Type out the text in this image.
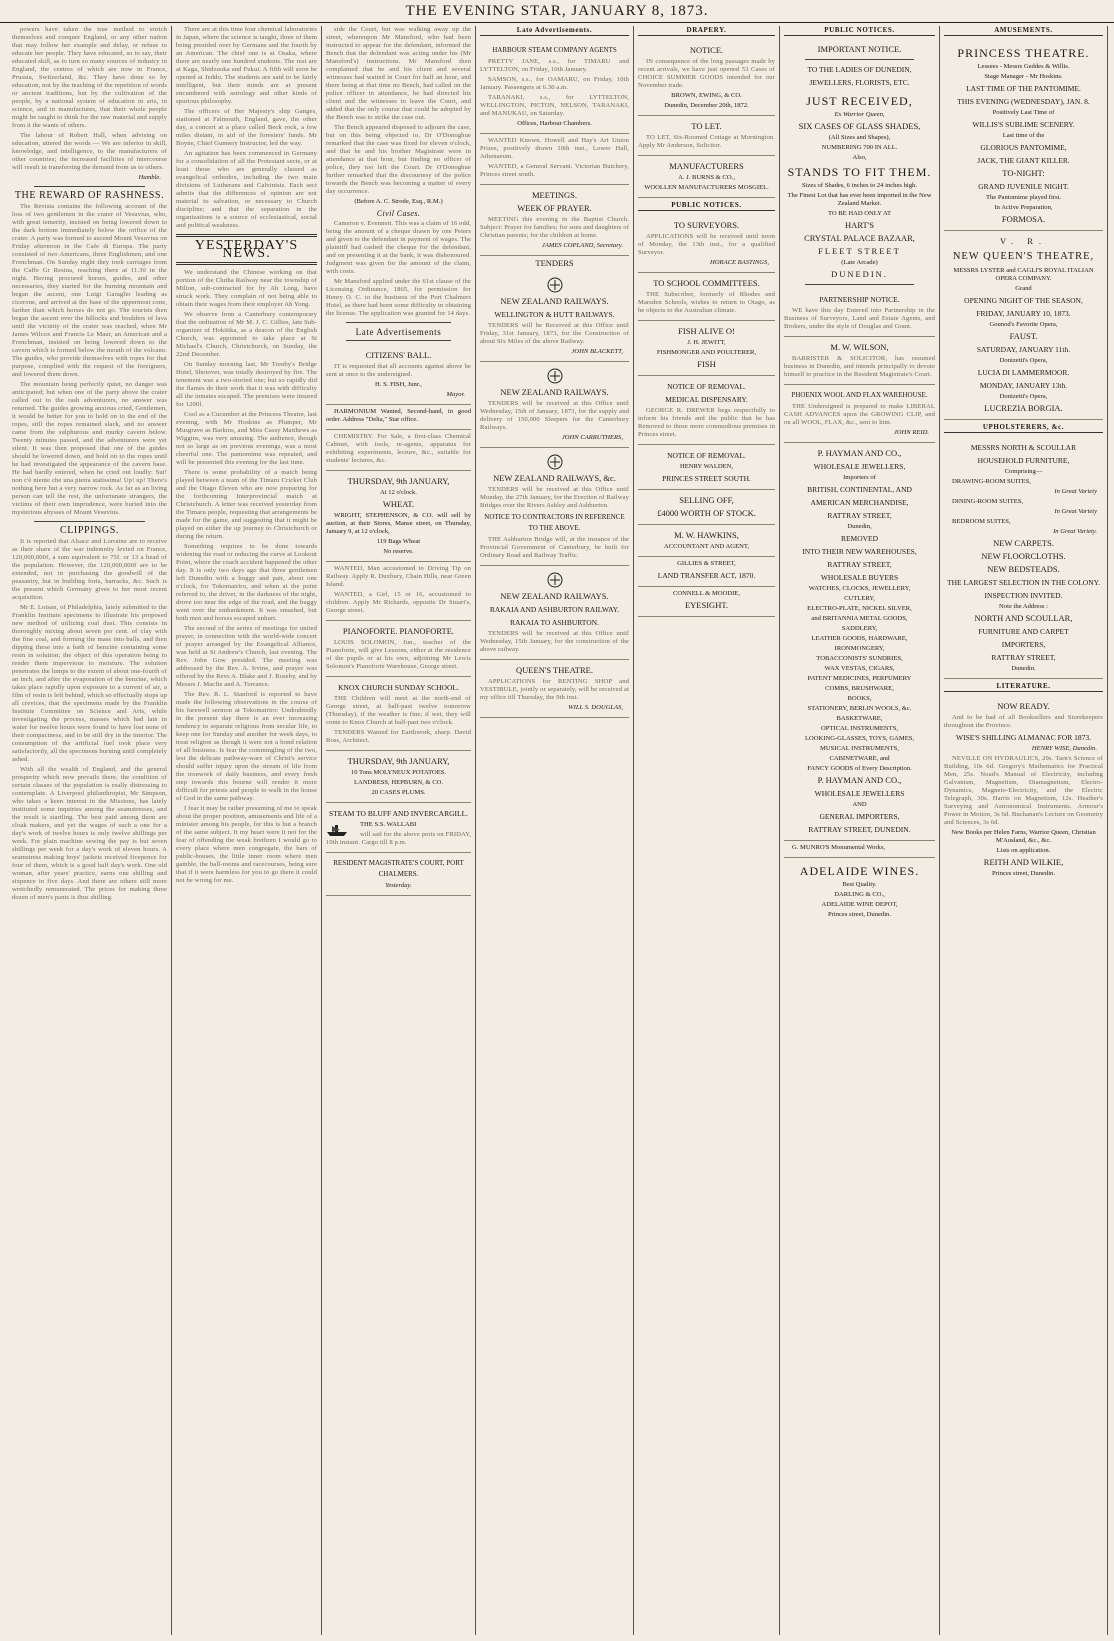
THE EVENING STAR, JANUARY 8, 1873.

powers have taken the true method to enrich themselves and conquer England, or any other nation that may follow her example and delay, or refuse to educate her people. They have educated, so to say, their educated skill, as to turn so many sources of industry in England, the centres of which are now in France, Prussia, Switzerland, &c. They have done so by education, not by the teaching of the repetition of words or ancient traditions, but by the cultivation of the people, by a national system of education in arts, in science, and in manufactures, that their whole people might be taught to think for the raw material and supply from it the wants of others.

The labour of Robert Hall, when advising on education, uttered the words — We are inferior in skill, knowledge, and intelligence, to the manufacturers of other countries; the increased facilities of intercourse will result in transferring the demand from us to others.

Humble.

THE REWARD OF RASHNESS.

The Revista contains the following account of the loss of two gentlemen in the crater of Vesuvius, who, with great temerity, insisted on being lowered down to the dark bottom immediately below the orifice of the crater. A party was formed to ascend Mount Vesuvius on Friday afternoon in the Cafe di Europa. The party consisted of two Americans, three Englishmen, and one Frenchman. On Sunday night they took carriages from the Caffe Gr Resina, reaching there at 11.30 in the night. Having procured horses, guides, and other necessaries, they started for the burning mountain and began the ascent, one Luigi Garaglio leading as cicerone, and arrived at the base of the uppermost cone, farther than which horses do not go. The tourists then began the ascent over the hillocks and boulders of lava until the vicinity of the crater was reached, when Mr James Wilcox and Francis Le Maur, an American and a Frenchman, insisted on being lowered down to the cavern which is formed below the mouth of the volcano. The guides, who provide themselves with ropes for that purpose, complied with the request of the foreigners, and lowered them down.

The mountain being perfectly quiet, no danger was anticipated; but when one of the party above the crater called out to the rash adventurers, no answer was returned. The guides growing anxious cried, Gentlemen, it would be better for you to hold on to the end of the ropes, still the ropes remained slack, and no answer came from the sulphurous and murky cavern below. Twenty minutes passed, and the adventurers were yet silent. It was then proposed that one of the guides should be lowered down, and hold on to the ropes until he had investigated the appearance of the cavern base. He had hardly entered, when he cried out loudly: Sui! non c'è niente che una pietra statissima! Up! up! There's nothing here but a very narrow rock. As far as an living person can tell the rest, the unfortunate strangers, the victims of their own imprudence, were buried into the mysterious abysses of Mount Vesuvius.

CLIPPINGS.

It is reported that Alsace and Lorraine are to receive as their share of the war indemnity levied on France, 120,000,000f, a sum equivalent to 75f. or 13 a head of the population. However, the 120,000,000f are to be extended, not in purchasing the goodwill of the peasantry, but in building forts, barracks, &c. Such is the present which Germany gives to her most recent acquisition.

Mr E. Loisan, of Philadelphia, lately submitted to the Franklin Institute specimens to illustrate his proposed new method of utilizing coal dust. This consists in thoroughly mixing about seven per cent. of clay with the fine coal, and forming the mass into balls, and then dipping these into a bath of benzine containing some resin in solution; the object of this operation being to render them impervious to moisture. The solution penetrates the lumps to the extent of about one-fourth of an inch, and after the evaporation of the benzine, which takes place rapidly upon exposure to a current of air, a film of resin is left behind, which so effectually stops up all crevices, that the specimens made by the Franklin Institute Committee on Science and Arts, while investigating the process, masses which had lain in water for twelve hours were found to have lost none of their compactness, and to be still dry in the interior. The consumption of the artificial fuel took place very satisfactorily, all the specimens burning until completely ashed.

With all the wealth of England, and the general prosperity which now prevails there, the condition of certain classes of the population is really distressing to contemplate. A Liverpool philanthropist, Mr Simpson, who takes a keen interest in the Missions, has lately instituted some inquiries among the seamstresses, and the result is startling. The best paid among them are cloak makers, and yet the wages of such a one for a day's work of twelve hours is only twelve shillings per week. For plain machine sewing the pay is but seven shillings per week for a day's work of eleven hours. A seamstress making boys' jackets received fivepence for four of them, which is a good half day's work. One old woman, after years' practice, earns one shilling and sixpence in five days. And there are others still more wretchedly remunerated. The prices for making three dozen of men's pants is thus shilling.

There are at this time four chemical laboratories in Japan, where the science is taught, three of them being presided over by Germans and the fourth by an American. The chief one is at Osaka, where there are nearly one hundred students. The rest are at Kaga, Shidzuoka and Fukui. A fifth will soon be opened at Jeddo. The students are said to be fairly intelligent, but their minds are at present encumbered with astrology and other kinds of spurious philosophy.

The officers of Her Majesty's ship Ganges, stationed at Falmouth, England, gave, the other day, a concert at a place called Beck rock, a few miles distant, in aid of the foresters' funds. Mr Boyne, Chief Gunnery Instructor, led the way.

An agitation has been commenced in Germany for a consolidation of all the Protestant sects, or at least those who are generally classed as evangelical orthodox, including the two main divisions of Lutherans and Calvinists. Each sect admits that the differences of opinion are not material to salvation, or necessary to Church discipline; and that the separation in the organizations is a source of ecclesiastical, social and political weakness.

YESTERDAY'S NEWS.

We understand the Chinese working on that portion of the Clutha Railway near the township of Milton, sub-contracted for by Ah Long, have struck work. They complain of not being able to obtain their wages from their employer Ah Yong.

We observe from a Canterbury contemporary that the ordination of Mr M. J. C. Gillies, late Sub-organizer of Hokitika, as a deacon of the English Church, was appointed to take place at St Michael's Church, Christchurch, on Sunday, the 22nd December.

On Sunday morning last, Mr Trenby's Bridge Hotel, Shotover, was totally destroyed by fire. The tenement was a two-storied one; but so rapidly did the flames do their work that it was with difficulty all the inmates escaped. The premises were insured for 1200l.

Cool as a Cucumber at the Princess Theatre, last evening, with Mr Hoskins as Plumper, Mr Musgrave as Barkins, and Miss Cassy Matthews as Wiggins, was very amusing. The audience, though not so large as on previous evenings, was a most cheerful one. The pantomime was repeated, and will be presented this evening for the last time.

There is some probability of a match being played between a team of the Timaru Cricket Club and the Otago Eleven who are now preparing for the forthcoming Interprovincial match at Christchurch. A letter was received yesterday from the Timaru people, requesting that arrangements be made for the game, and suggesting that it might be played on either the up journey to Christchurch or during the return.

Something requires to be done towards widening the road or reducing the curve at Lookout Point, where the coach accident happened the other day. It is only two days ago that three gentlemen left Dunedin with a buggy and pair, about one o'clock, for Tokomairiro, and when at the point referred to, the driver, in the darkness of the night, drove too near the edge of the road, and the buggy went over the embankment. It was smashed, but both men and horses escaped unhurt.

The second of the series of meetings for united prayer, in connection with the world-wide concert of prayer arranged by the Evangelical Alliance, was held at St Andrew's Church, last evening. The Rev. John Gow presided. The meeting was addressed by the Rev. A. Irvine, and prayer was offered by the Revs A. Blake and J. Roseby, and by Messrs J. Macfie and A. Torrance.

The Rev. R. L. Stanford is reported to have made the following observations in the course of his farewell sermon at Tokomairiro: Undoubtedly in the present day there is an ever increasing tendency to separate religious from secular life, to keep one for Sunday and another for week days, to treat religion as though it were not a bond relation of all business. Is fear the commingling of the two, lest the delicate pathway-ware of Christ's service should suffer injury upon the stream of life from the ironwork of daily business, and every fresh step towards this bourne will render it more difficult for priests and people to walk in the house of God in the same pathway.

I fear it may be rather presuming of me to speak about the proper position, amusements and life of a minister among his people, for this is but a branch of the same subject. It my heart were it not for the fear of offending the weak brethren I would go to every place where men congregate, the bars of public-houses, the little inner room where men gamble, the ball-rooms and racecourses, being sure that if it were harmless for you to go there it could not be wrong for me.

side the Court, but was walking away up the street, whereupon Mr Mansford, who had been instructed to appear for the defendant, informed the Bench that the defendant was acting under his (Mr Mansford's) instructions. Mr Mansford then complained that he and his client and several witnesses had waited in Court for half an hour, and there being at that time no Bench, had called on the police officer in attendance, he had directed his client and the witnesses to leave the Court, and added that the only course that could be adopted by the Bench was to strike the case out.

The Bench appeared disposed to adjourn the case, but on this being objected to, Dr O'Donoghue remarked that the case was fixed for eleven o'clock, and that he and his brother Magistrate were in attendance at that hour, but finding no officer of police, they too left the Court. Dr O'Donoghue further remarked that the discourtesy of the police towards the Bench was becoming a matter of every day occurrence.

(Before A. C. Strode, Esq., R.M.)

Civil Cases.

Cameron v. Evennett. This was a claim of 16 odd, being the amount of a cheque drawn by one Peters and given to the defendant in payment of wages. The plaintiff had cashed the cheque for the defendant, and on presenting it at the bank, it was dishonoured. Judgment was given for the amount of the claim, with costs.

Mr Mansford applied under the 61st clause of the Licensing Ordinance, 1865, for permission for Henry O. C. to the business of the Port Chalmers Hotel, as there had been some difficulty in obtaining the license. The application was granted for 14 days.

Late Advertisements
CITIZENS' BALL.

IT is requested that all accounts against above be sent at once to the undersigned.

H. S. FISH, Junr.,

Mayor.

HARMONIUM Wanted, Second-hand, in good order. Address "Delta," Star office.

CHEMISTRY. For Sale, a first-class Chemical Cabinet, with tools, re-agents, apparatus for exhibiting experiments, lecture, &c., suitable for students' lectures, &c.

THURSDAY, 9th JANUARY,

At 12 o'clock.

WHEAT.

WRIGHT, STEPHENSON, & CO. will sell by auction, at their Stores, Manse street, on Thursday, January 9, at 12 o'clock,

119 Bags Wheat

No reserve.

WANTED, Man accustomed to Driving Tip on Railway. Apply R. Duxbury, Chain Hills, near Green Island.

WANTED, a Girl, 15 or 16, accustomed to children. Apply Mr Richards, opposite Dr Stuart's, George street.

PIANOFORTE. PIANOFORTE.

LOUIS SOLOMON, Jun., teacher of the Pianoforte, will give Lessons, either at the residence of the pupils or at his own, adjoining Mr Lewis Solomon's Pianoforte Warehouse, George street.

KNOX CHURCH SUNDAY SCHOOL.

THE Children will meet at the north-end of George street, at half-past twelve tomorrow (Thursday), if the weather is fine; if wet, they will come to Knox Church at half-past two o'clock.

TENDERS Wanted for Earthwork, sharp. David Ross, Architect.

THURSDAY, 9th JANUARY,

10 Tons MOLYNEUX POTATOES.

LANDRESS, HEPBURN, & CO.

20 CASES PLUMS.

STEAM TO BLUFF AND INVERCARGILL.

THE S.S. WALLABI

will sail for the above ports on FRIDAY, 10th instant. Cargo till 8 p.m.

RESIDENT MAGISTRATE'S COURT, PORT CHALMERS.

Yesterday.

Late Advertisements.
HARBOUR STEAM COMPANY AGENTS

PRETTY JANE, s.s., for TIMARU and LYTTELTON, on Friday, 10th January.

SAMSON, s.s., for OAMARU, on Friday, 10th January. Passengers at 6.30 a.m.

TARANAKI, s.s., for LYTTELTON, WELLINGTON, PICTON, NELSON, TARANAKI, and MANUKAU, on Saturday.

Offices, Harbour Chambers.

WANTED Known. Howell and Hay's Art Union Prizes, positively drawn 10th inst., Lower Hall, Athenaeum.

WANTED, a General Servant. Victorian Butchery, Princes street south.

MEETINGS.
WEEK OF PRAYER.

MEETING this evening in the Baptist Church. Subject: Prayer for families; for sons and daughters of Christian parents; for the children at home.

JAMES COPLAND, Secretary.

TENDERS
NEW ZEALAND RAILWAYS.
WELLINGTON & HUTT RAILWAYS.

TENDERS will be Received at this Office until Friday, 31st January, 1873, for the Construction of about Six Miles of the above Railway.

JOHN BLACKETT,

NEW ZEALAND RAILWAYS.

TENDERS will be received at this Office until Wednesday, 15th of January, 1873, for the supply and delivery of 150,000 Sleepers for the Canterbury Railways.

JOHN CARRUTHERS,

NEW ZEALAND RAILWAYS, &c.

TENDERS will be received at this Office until Monday, the 27th January, for the Erection of Railway Bridges over the Rivers Ashley and Ashburton.

NOTICE TO CONTRACTORS IN REFERENCE TO THE ABOVE.

THE Ashburton Bridge will, at the instance of the Provincial Government of Canterbury, be built for Ordinary Road and Railway Traffic.

NEW ZEALAND RAILWAYS.
RAKAIA AND ASHBURTON RAILWAY.
RAKAIA TO ASHBURTON.

TENDERS will be received at this Office until Wednesday, 15th January, for the construction of the above railway.

QUEEN'S THEATRE.

APPLICATIONS for RENTING SHOP and VESTIBULE, jointly or separately, will be received at my office till Thursday, the 9th inst.

WILL S. DOUGLAS,

DRAPERY.
NOTICE.

IN consequence of the long passages made by recent arrivals, we have just opened 53 Cases of CHOICE SUMMER GOODS intended for our November trade.

BROWN, EWING, & CO.

Dunedin, December 20th, 1872.

TO LET.

TO LET, Six-Roomed Cottage at Mornington. Apply Mr Anderson, Solicitor.

MANUFACTURERS

A. J. BURNS & CO.,

WOOLLEN MANUFACTURERS MOSGIEL.

PUBLIC NOTICES.
TO SURVEYORS.

APPLICATIONS will be received until noon of Monday, the 13th inst., for a qualified Surveyor.

HORACE BASTINGS,

TO SCHOOL COMMITTEES.

THE Subscriber, formerly of Rhodes and Marsden Schools, wishes to return to Otago, as he objects to the Australian climate.

FISH ALIVE O!

J. H. JEWITT,

FISHMONGER AND POULTERER,

FISH
NOTICE OF REMOVAL.
MEDICAL DISPENSARY.

GEORGE R. DREWER begs respectfully to inform his friends and the public that he has Removed to those more commodious premises in Princes street.

NOTICE OF REMOVAL.

HENRY WALDEN,

PRINCES STREET SOUTH.
SELLING OFF,
£4000 WORTH OF STOCK.
M. W. HAWKINS,

ACCOUNTANT AND AGENT,

GILLIES & STREET,

LAND TRANSFER ACT, 1870.

CONNELL & MOODIE,

EYESIGHT.
PUBLIC NOTICES.
IMPORTANT NOTICE.
TO THE LADIES OF DUNEDIN,
JEWELLERS, FLORISTS, ETC.
JUST RECEIVED,

Ex Warrior Queen,

SIX CASES OF GLASS SHADES,

(All Sizes and Shapes),

NUMBERING 700 IN ALL.

Also,

STANDS TO FIT THEM.

Sizes of Shades, 6 inches to 24 inches high.

The Finest Lot that has ever been imported in the New Zealand Market.

TO BE HAD ONLY AT

HART'S
CRYSTAL PALACE BAZAAR,
FLEET STREET

(Late Arcade)

DUNEDIN.
PARTNERSHIP NOTICE.

WE have this day Entered into Partnership in the Business of Surveyors, Land and Estate Agents, and Brokers, under the style of Douglas and Grant.

M. W. WILSON,

BARRISTER & SOLICITOR, has resumed business in Dunedin, and intends principally to devote himself to practice in the Resident Magistrate's Court.

PHOENIX WOOL AND FLAX WAREHOUSE.

THE Undersigned is prepared to make LIBERAL CASH ADVANCES upon the GROWING CLIP, and on all WOOL, FLAX, &c., sent to him.

JOHN REID.

P. HAYMAN AND CO.,
WHOLESALE JEWELLERS,

Importers of

BRITISH, CONTINENTAL, AND
AMERICAN MERCHANDISE,
RATTRAY STREET,

Dunedin,

REMOVED
INTO THEIR NEW WAREHOUSES,
RATTRAY STREET,
WHOLESALE BUYERS

WATCHES, CLOCKS, JEWELLERY,

CUTLERY,

ELECTRO-PLATE, NICKEL SILVER,

and BRITANNIA METAL GOODS,

SADDLERY,

LEATHER GOODS, HARDWARE,

IRONMONGERY,

TOBACCONISTS' SUNDRIES,

WAX VESTAS, CIGARS,

PATENT MEDICINES, PERFUMERY

COMBS, BRUSHWARE,

BOOKS,

STATIONERY, BERLIN WOOLS, &c.

BASKETWARE,

OPTICAL INSTRUMENTS,

LOOKING-GLASSES, TOYS, GAMES,

MUSICAL INSTRUMENTS,

CABINETWARE, and

FANCY GOODS of Every Description.

P. HAYMAN AND CO.,
WHOLESALE JEWELLERS

AND

GENERAL IMPORTERS,
RATTRAY STREET, DUNEDIN.

G. MUNRO'S Monumental Works,

ADELAIDE WINES.

Best Quality.

DARLING & CO.,

ADELAIDE WINE DEPOT,

Princes street, Dunedin.

AMUSEMENTS.
PRINCESS THEATRE.

Lessees - Messrs Geddes & Willis.

Stage Manager - Mr Hoskins.

LAST TIME OF THE PANTOMIME.
THIS EVENING (WEDNESDAY), JAN. 8.

Positively Last Time of

WILLIS'S SUBLIME SCENERY.

Last time of the

GLORIOUS PANTOMIME,
JACK, THE GIANT KILLER.
TO-NIGHT:
GRAND JUVENILE NIGHT.

The Pantomime played first.

In Active Preparation,

FORMOSA.
V. R.
NEW QUEEN'S THEATRE,

MESSRS LYSTER and CAGLI'S ROYAL ITALIAN OPERA COMPANY.

Grand

OPENING NIGHT OF THE SEASON,
FRIDAY, JANUARY 10, 1873.

Gounod's Favorite Opera,

FAUST.
SATURDAY, JANUARY 11th.

Donizetti's Opera,

LUCIA DI LAMMERMOOR.
MONDAY, JANUARY 13th.

Donizetti's Opera,

LUCREZIA BORGIA.
UPHOLSTERERS, &c.
MESSRS NORTH & SCOULLAR
HOUSEHOLD FURNITURE,

Comprising—

DRAWING-ROOM SUITES,

In Great Variety

DINING-ROOM SUITES,

In Great Variety

BEDROOM SUITES,

In Great Variety.

NEW CARPETS.
NEW FLOORCLOTHS.
NEW BEDSTEADS.
THE LARGEST SELECTION IN THE COLONY.
INSPECTION INVITED.

Note the Address :

NORTH AND SCOULLAR,
FURNITURE AND CARPET
IMPORTERS,
RATTRAY STREET,

Dunedin.

LITERATURE.
NOW READY.

And to be had of all Booksellers and Storekeepers throughout the Province.

WISE'S SHILLING ALMANAC FOR 1873.

HENRY WISE, Dunedin.

NEVILLE ON HYDRAULICS, 20s. Tarn's Science of Building, 10s 6d. Gregory's Mathematics for Practical Men, 25s. Noad's Manual of Electricity, including Galvanism, Magnetism, Diamagnetism, Electro-Dynamics, Magneto-Electricity, and the Electric Telegraph, 30s. Harris on Magnetism, 12s. Heather's Surveying and Astronomical Instruments. Armour's Power in Motion, 3s 6d. Buchanan's Lecture on Geometry and Sciences, 3s 6d.

New Books per Helen Farns, Warrior Queen, Christian M'Ausland, &c., &c.

Lists on application.

REITH AND WILKIE,

Princes street, Dunedin.
